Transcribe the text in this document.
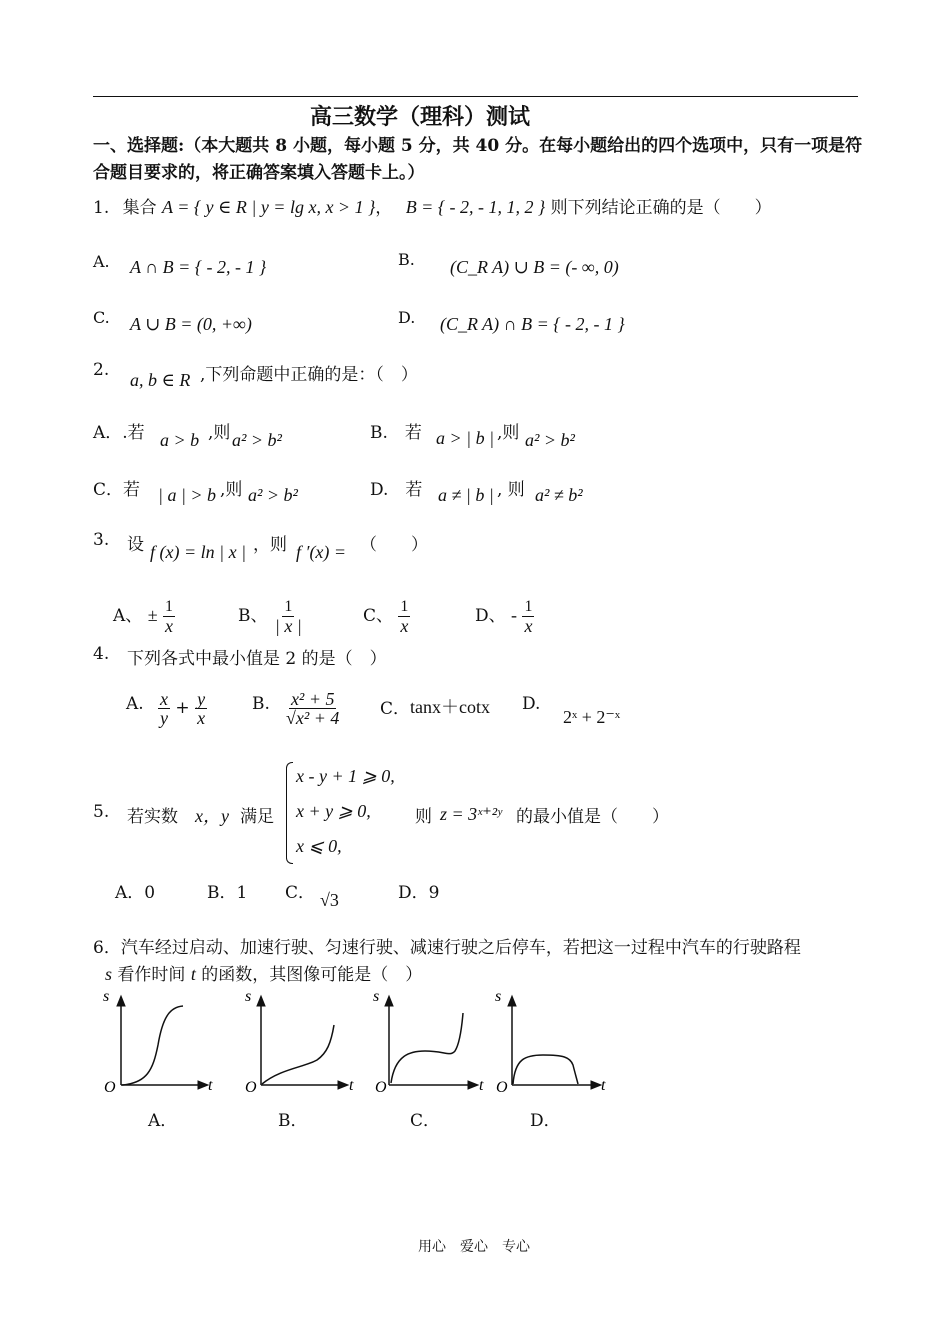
高三数学（理科）测试
一、选择题:（本大题共 8 小题，每小题 5 分，共 40 分。在每小题给出的四个选项中，只有一项是符合题目要求的，将正确答案填入答题卡上。）
1. 集合 A = { y ∈ R | y = lg x, x > 1 }， B = { - 2, - 1, 1, 2 } 则下列结论正确的是（　　）
A. A ∩ B = { - 2, - 1 }	B. (C_R A) ∪ B = (- ∞, 0)
C. A ∪ B = (0, +∞)	D. (C_R A) ∩ B = { - 2, - 1 }
2. a, b ∈ R ,下列命题中正确的是：（　）
A．.若 a > b ,则 a² > b²	B.　若 a > | b | ,则 a² > b²
C．若 | a | > b ,则 a² > b²	D.　若 a ≠ | b | , 则 a² ≠ b²
3. 设 f (x) = ln | x | ，则 f ′(x) = （　　）
A、 ± $\frac{1}{x}$	B、 $\frac{1}{| x |}$	C、 $\frac{1}{x}$	D、 - $\frac{1}{x}$
4. 下列各式中最小值是 2 的是（　）
A. $\frac{x}{y} + \frac{y}{x}$	B. $\frac{\text{x² + 5}}{\text{√x² + 4}}$ C． tanx＋cotx D.
2ˣ + 2⁻ˣ
5. 若实数 x，y 满足
x - y + 1 ⩾ 0,
x + y ⩾ 0,
x ⩽ 0,
则 z = 3ˣ⁺²ʸ 的最小值是（　　）
A．0	B．1 C． √3	D．9
6．汽车经过启动、加速行驶、匀速行驶、减速行驶之后停车，若把这一过程中汽车的行驶路程
s 看作时间 t 的函数，其图像可能是（　）
s
O	t
s
O	t
s
O	t
s
O	t
A．	B．	C．	D．
用心　爱心　专心
